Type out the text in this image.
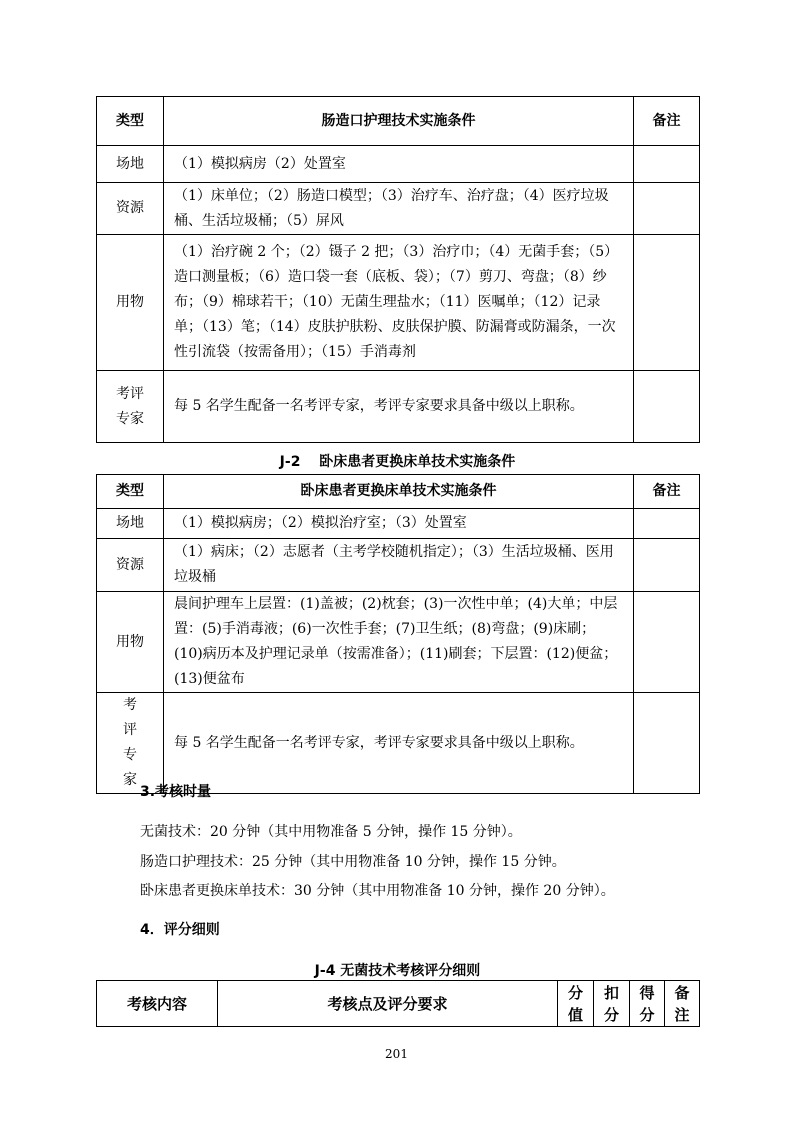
类型	肠造口护理技术实施条件	备注
场地	（1）模拟病房（2）处置室	
资源	（1）床单位；（2）肠造口模型；（3）治疗车、治疗盘；（4）医疗垃圾桶、生活垃圾桶；（5）屏风	
用物	（1）治疗碗 2 个；（2）镊子 2 把；（3）治疗巾；（4）无菌手套；（5）造口测量板；（6）造口袋一套（底板、袋）；（7）剪刀、弯盘；（8）纱布；（9）棉球若干；（10）无菌生理盐水；（11）医嘱单；（12）记录单；（13）笔；（14）皮肤护肤粉、皮肤保护膜、防漏膏或防漏条，一次性引流袋（按需备用）；（15）手消毒剂	
考评专家	每 5 名学生配备一名考评专家，考评专家要求具备中级以上职称。	
J-2　 卧床患者更换床单技术实施条件
类型	卧床患者更换床单技术实施条件	备注
场地	（1）模拟病房；（2）模拟治疗室；（3）处置室	
资源	（1）病床；（2）志愿者（主考学校随机指定）；（3）生活垃圾桶、医用垃圾桶	
用物	晨间护理车上层置：(1)盖被；(2)枕套；(3)一次性中单；(4)大单；中层置：(5)手消毒液；(6)一次性手套；(7)卫生纸；(8)弯盘；(9)床刷；(10)病历本及护理记录单（按需准备）；(11)刷套；下层置：(12)便盆；(13)便盆布	
考评专家	每 5 名学生配备一名考评专家，考评专家要求具备中级以上职称。	
3.考核时量
无菌技术：20 分钟（其中用物准备 5 分钟，操作 15 分钟）。
肠造口护理技术：25 分钟（其中用物准备 10 分钟，操作 15 分钟。
卧床患者更换床单技术：30 分钟（其中用物准备 10 分钟，操作 20 分钟）。
4．评分细则
J-4 无菌技术考核评分细则
考核内容	考核点及评分要求	分值	扣分	得分	备注
201
